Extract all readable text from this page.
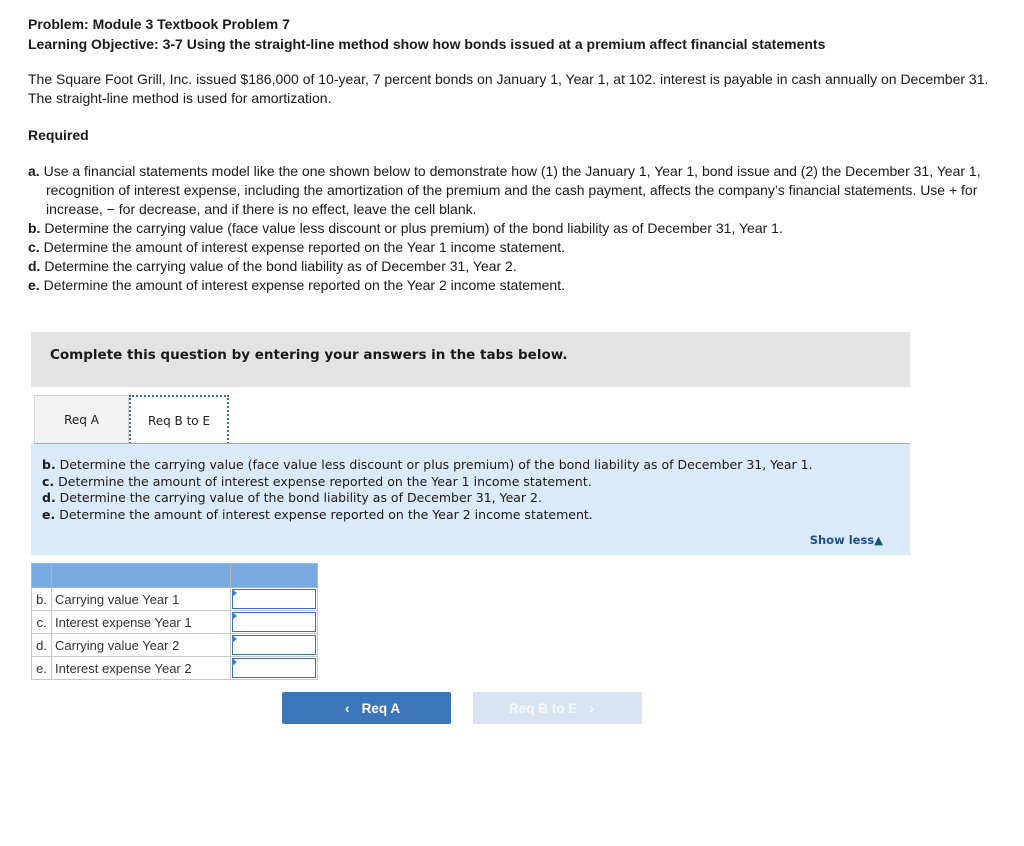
Problem: Module 3 Textbook Problem 7
Learning Objective: 3-7 Using the straight-line method show how bonds issued at a premium affect financial statements
The Square Foot Grill, Inc. issued $186,000 of 10-year, 7 percent bonds on January 1, Year 1, at 102. interest is payable in cash annually on December 31. The straight-line method is used for amortization.
Required
a. Use a financial statements model like the one shown below to demonstrate how (1) the January 1, Year 1, bond issue and (2) the December 31, Year 1, recognition of interest expense, including the amortization of the premium and the cash payment, affects the company’s financial statements. Use + for increase, − for decrease, and if there is no effect, leave the cell blank.
b. Determine the carrying value (face value less discount or plus premium) of the bond liability as of December 31, Year 1.
c. Determine the amount of interest expense reported on the Year 1 income statement.
d. Determine the carrying value of the bond liability as of December 31, Year 2.
e. Determine the amount of interest expense reported on the Year 2 income statement.
Complete this question by entering your answers in the tabs below.
Req A	Req B to E
b. Determine the carrying value (face value less discount or plus premium) of the bond liability as of December 31, Year 1.
c. Determine the amount of interest expense reported on the Year 1 income statement.
d. Determine the carrying value of the bond liability as of December 31, Year 2.
e. Determine the amount of interest expense reported on the Year 2 income statement.
Show less▲

b.	Carrying value Year 1	

c.	Interest expense Year 1	

d.	Carrying value Year 2	

e.	Interest expense Year 2	
‹ Req A	Req B to E ›
